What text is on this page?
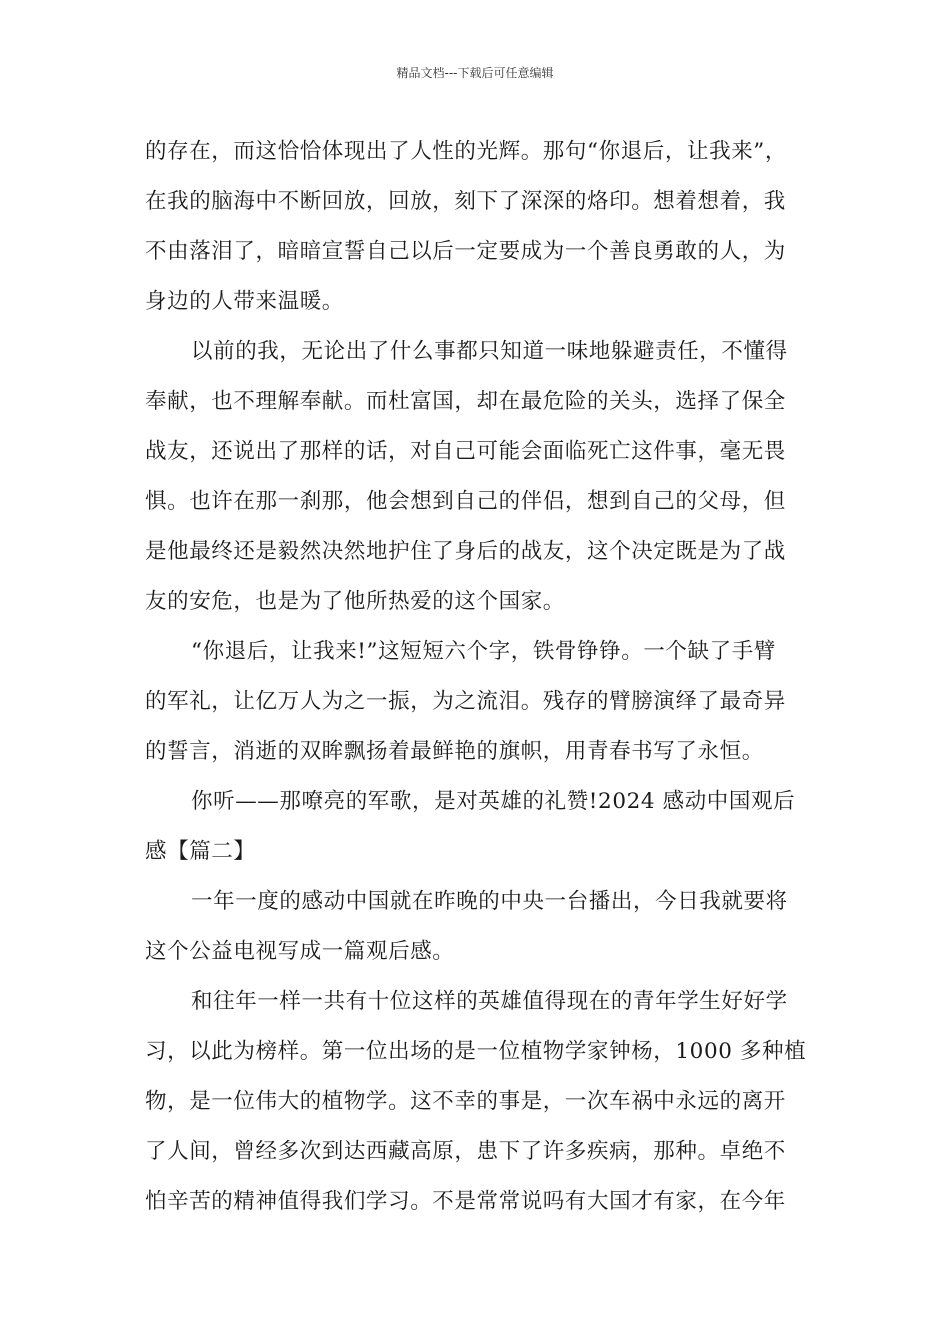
精品文档---下载后可任意编辑
的存在，而这恰恰体现出了人性的光辉。那句“你退后，让我来”，
在我的脑海中不断回放，回放，刻下了深深的烙印。想着想着，我
不由落泪了，暗暗宣誓自己以后一定要成为一个善良勇敢的人，为
身边的人带来温暖。
以前的我，无论出了什么事都只知道一味地躲避责任，不懂得
奉献，也不理解奉献。而杜富国，却在最危险的关头，选择了保全
战友，还说出了那样的话，对自己可能会面临死亡这件事，毫无畏
惧。也许在那一刹那，他会想到自己的伴侣，想到自己的父母，但
是他最终还是毅然决然地护住了身后的战友，这个决定既是为了战
友的安危，也是为了他所热爱的这个国家。
“你退后，让我来!”这短短六个字，铁骨铮铮。一个缺了手臂
的军礼，让亿万人为之一振，为之流泪。残存的臂膀演绎了最奇异
的誓言，消逝的双眸飘扬着最鲜艳的旗帜，用青春书写了永恒。
你听——那嘹亮的军歌，是对英雄的礼赞!2024 感动中国观后
感【篇二】
一年一度的感动中国就在昨晚的中央一台播出，今日我就要将
这个公益电视写成一篇观后感。
和往年一样一共有十位这样的英雄值得现在的青年学生好好学
习，以此为榜样。第一位出场的是一位植物学家钟杨，1000 多种植
物，是一位伟大的植物学。这不幸的事是，一次车祸中永远的离开
了人间，曾经多次到达西藏高原，患下了许多疾病，那种。卓绝不
怕辛苦的精神值得我们学习。不是常常说吗有大国才有家，在今年
